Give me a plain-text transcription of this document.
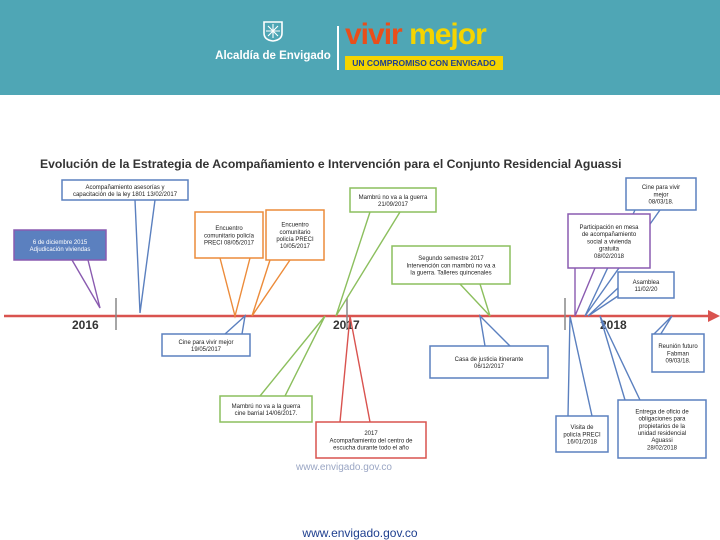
Alcaldía de Envigado
vivir mejor
UN COMPROMISO CON ENVIGADO
Evolución de la Estrategia de Acompañamiento e Intervención para el Conjunto Residencial Aguassi
2016	2017	2018
6 de diciembre 2015
Adjudicación viviendas
Acompañamiento asesorías y
capacitación de la ley 1801 13/02/2017
Encuentro
comunitario policía
PRECI 08/05/2017
Encuentro
comunitario
policía PRECI
10/05/2017
Mambrú no va a la guerra
21/09/2017
Segundo semestre 2017
Intervención con mambrú no va a
la guerra. Talleres quincenales
Cine para vivir mejor
19/05/2017
Mambrú no va a la guerra
cine barrial 14/06/2017.
2017
Acompañamiento del centro de
escucha durante todo el año
Casa de justicia itinerante
06/12/2017
Cine para vivir
mejor
08/03/18.
Participación en mesa
de acompañamiento
social a vivienda
gratuita
08/02/2018
Asamblea
11/02/20
Reunión futuro
Fabman
09/03/18.
Visita de
policía PRECI
16/01/2018
Entrega de oficio de
obligaciones para
propietarios de la
unidad residencial
Aguassi
28/02/2018
www.envigado.gov.co
www.envigado.gov.co
